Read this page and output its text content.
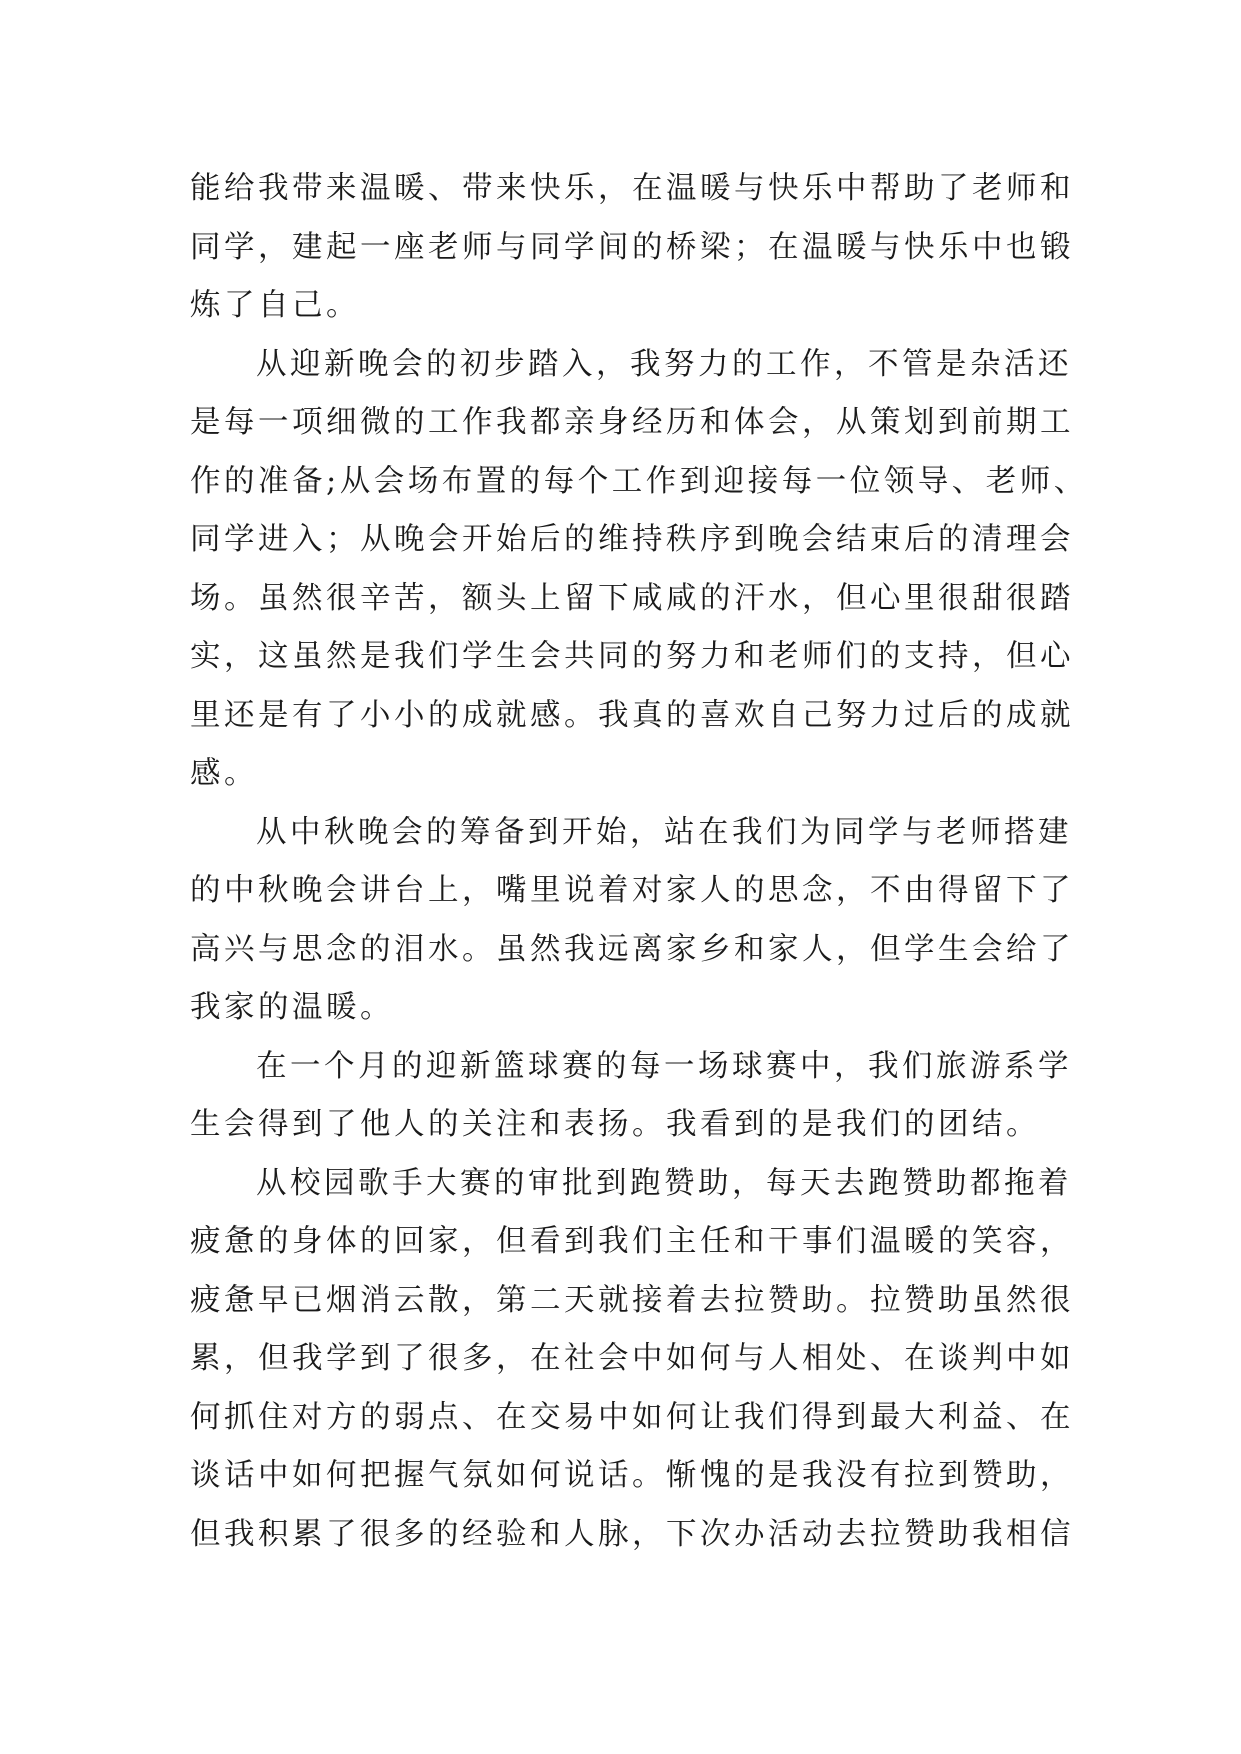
能给我带来温暖、带来快乐，在温暖与快乐中帮助了老师和
同学，建起一座老师与同学间的桥梁；在温暖与快乐中也锻
炼了自己。
从迎新晚会的初步踏入，我努力的工作，不管是杂活还
是每一项细微的工作我都亲身经历和体会，从策划到前期工
作的准备;从会场布置的每个工作到迎接每一位领导、老师、
同学进入；从晚会开始后的维持秩序到晚会结束后的清理会
场。虽然很辛苦，额头上留下咸咸的汗水，但心里很甜很踏
实，这虽然是我们学生会共同的努力和老师们的支持，但心
里还是有了小小的成就感。我真的喜欢自己努力过后的成就
感。
从中秋晚会的筹备到开始，站在我们为同学与老师搭建
的中秋晚会讲台上，嘴里说着对家人的思念，不由得留下了
高兴与思念的泪水。虽然我远离家乡和家人，但学生会给了
我家的温暖。
在一个月的迎新篮球赛的每一场球赛中，我们旅游系学
生会得到了他人的关注和表扬。我看到的是我们的团结。
从校园歌手大赛的审批到跑赞助，每天去跑赞助都拖着
疲惫的身体的回家，但看到我们主任和干事们温暖的笑容，
疲惫早已烟消云散，第二天就接着去拉赞助。拉赞助虽然很
累，但我学到了很多，在社会中如何与人相处、在谈判中如
何抓住对方的弱点、在交易中如何让我们得到最大利益、在
谈话中如何把握气氛如何说话。惭愧的是我没有拉到赞助，
但我积累了很多的经验和人脉，下次办活动去拉赞助我相信
